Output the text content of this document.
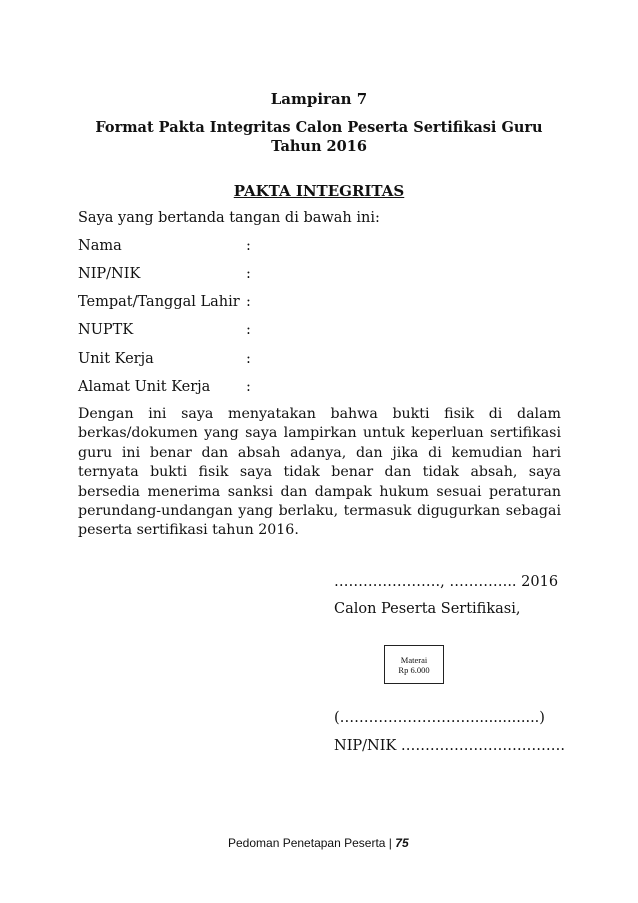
Lampiran 7
Format Pakta Integritas Calon Peserta Sertifikasi Guru
Tahun 2016
PAKTA INTEGRITAS
Saya yang bertanda tangan di bawah ini:
Nama	:
NIP/NIK	:
Tempat/Tanggal Lahir :
NUPTK	:
Unit Kerja	:
Alamat Unit Kerja :
Dengan ini saya menyatakan bahwa bukti fisik di dalam berkas/dokumen yang saya lampirkan untuk keperluan sertifikasi guru ini benar dan absah adanya, dan jika di kemudian hari ternyata bukti fisik saya tidak benar dan tidak absah, saya bersedia menerima sanksi dan dampak hukum sesuai peraturan perundang-undangan yang berlaku, termasuk digugurkan sebagai peserta sertifikasi tahun 2016.
…………………., ………….. 2016
Calon Peserta Sertifikasi,
Materai
Rp 6.000
(………………………...............)
NIP/NIK …………………………….
Pedoman Penetapan Peserta | 75
